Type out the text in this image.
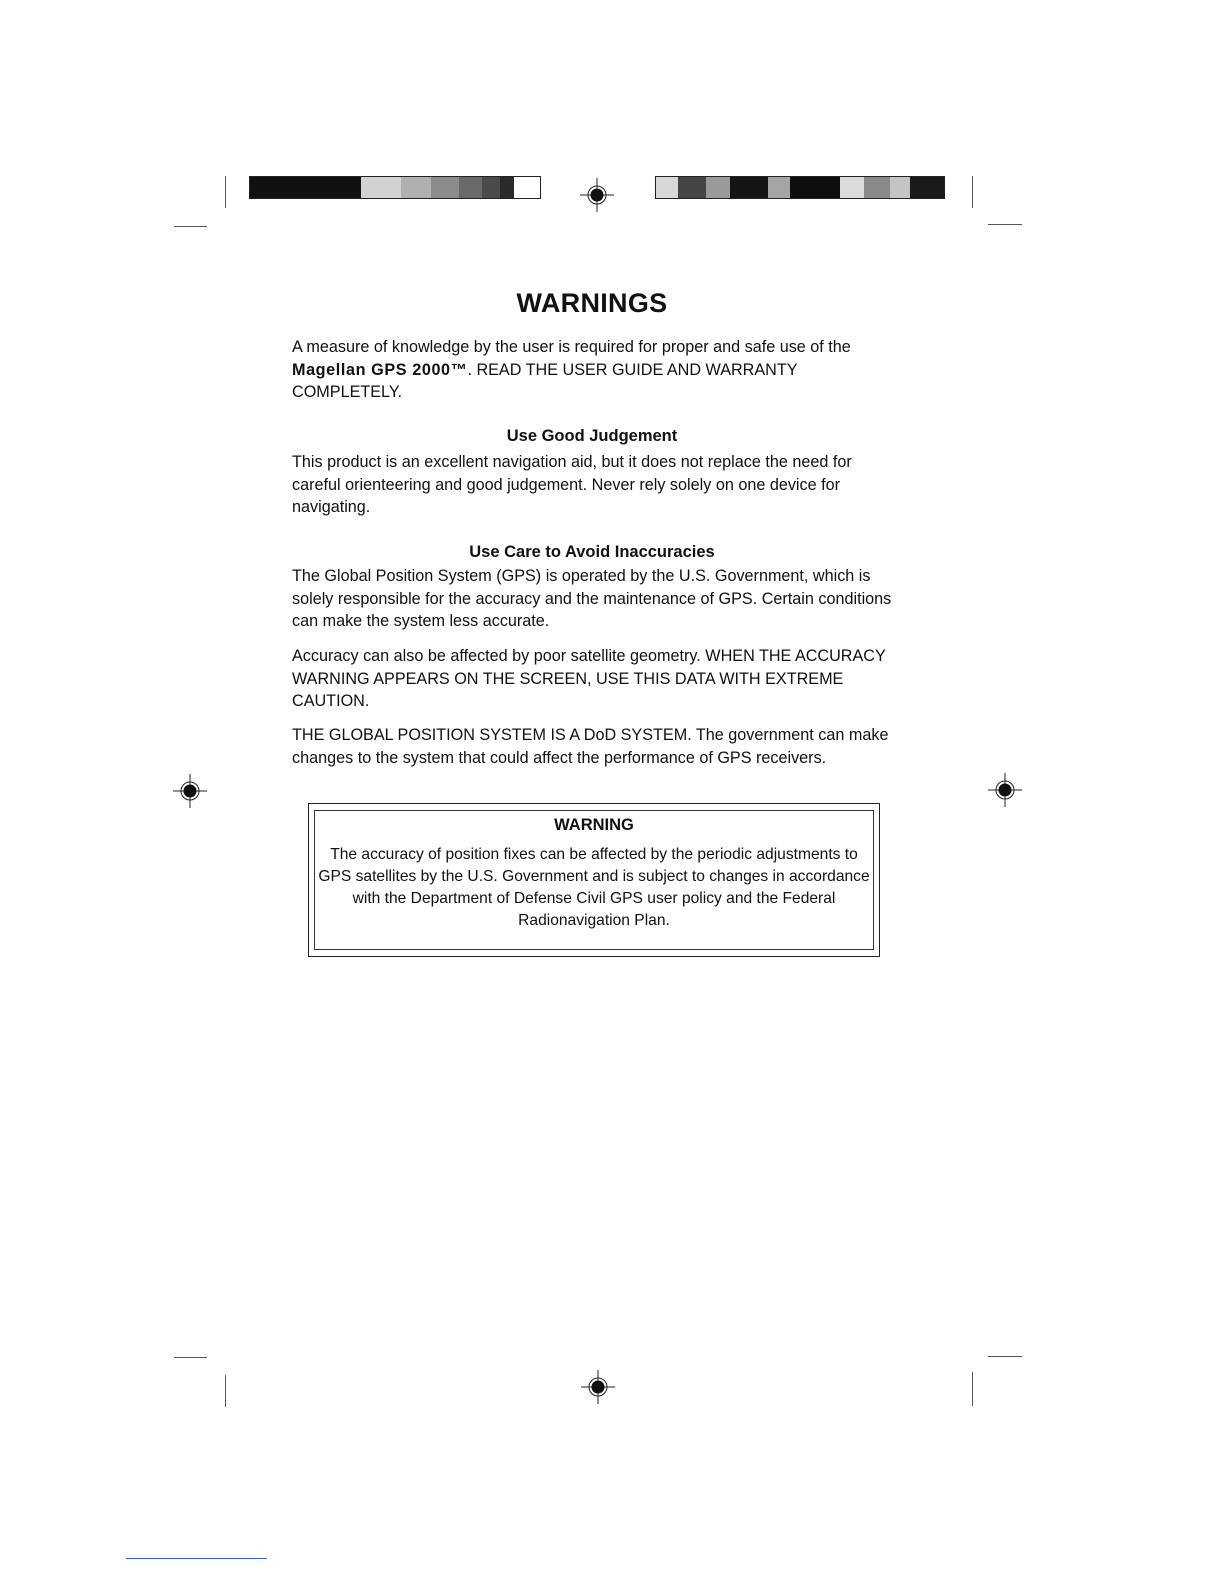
WARNINGS
A measure of knowledge by the user is required for proper and safe use of the Magellan GPS 2000™. READ THE USER GUIDE AND WARRANTY COMPLETELY.
Use Good Judgement
This product is an excellent navigation aid, but it does not replace the need for careful orienteering and good judgement. Never rely solely on one device for navigating.
Use Care to Avoid Inaccuracies
The Global Position System (GPS) is operated by the U.S. Government, which is solely responsible for the accuracy and the maintenance of GPS. Certain conditions can make the system less accurate.
Accuracy can also be affected by poor satellite geometry. WHEN THE ACCURACY WARNING APPEARS ON THE SCREEN, USE THIS DATA WITH EXTREME CAUTION.
THE GLOBAL POSITION SYSTEM IS A DoD SYSTEM. The government can make changes to the system that could affect the performance of GPS receivers.
WARNING
The accuracy of position fixes can be affected by the periodic adjustments to GPS satellites by the U.S. Government and is subject to changes in accordance with the Department of Defense Civil GPS user policy and the Federal Radionavigation Plan.
